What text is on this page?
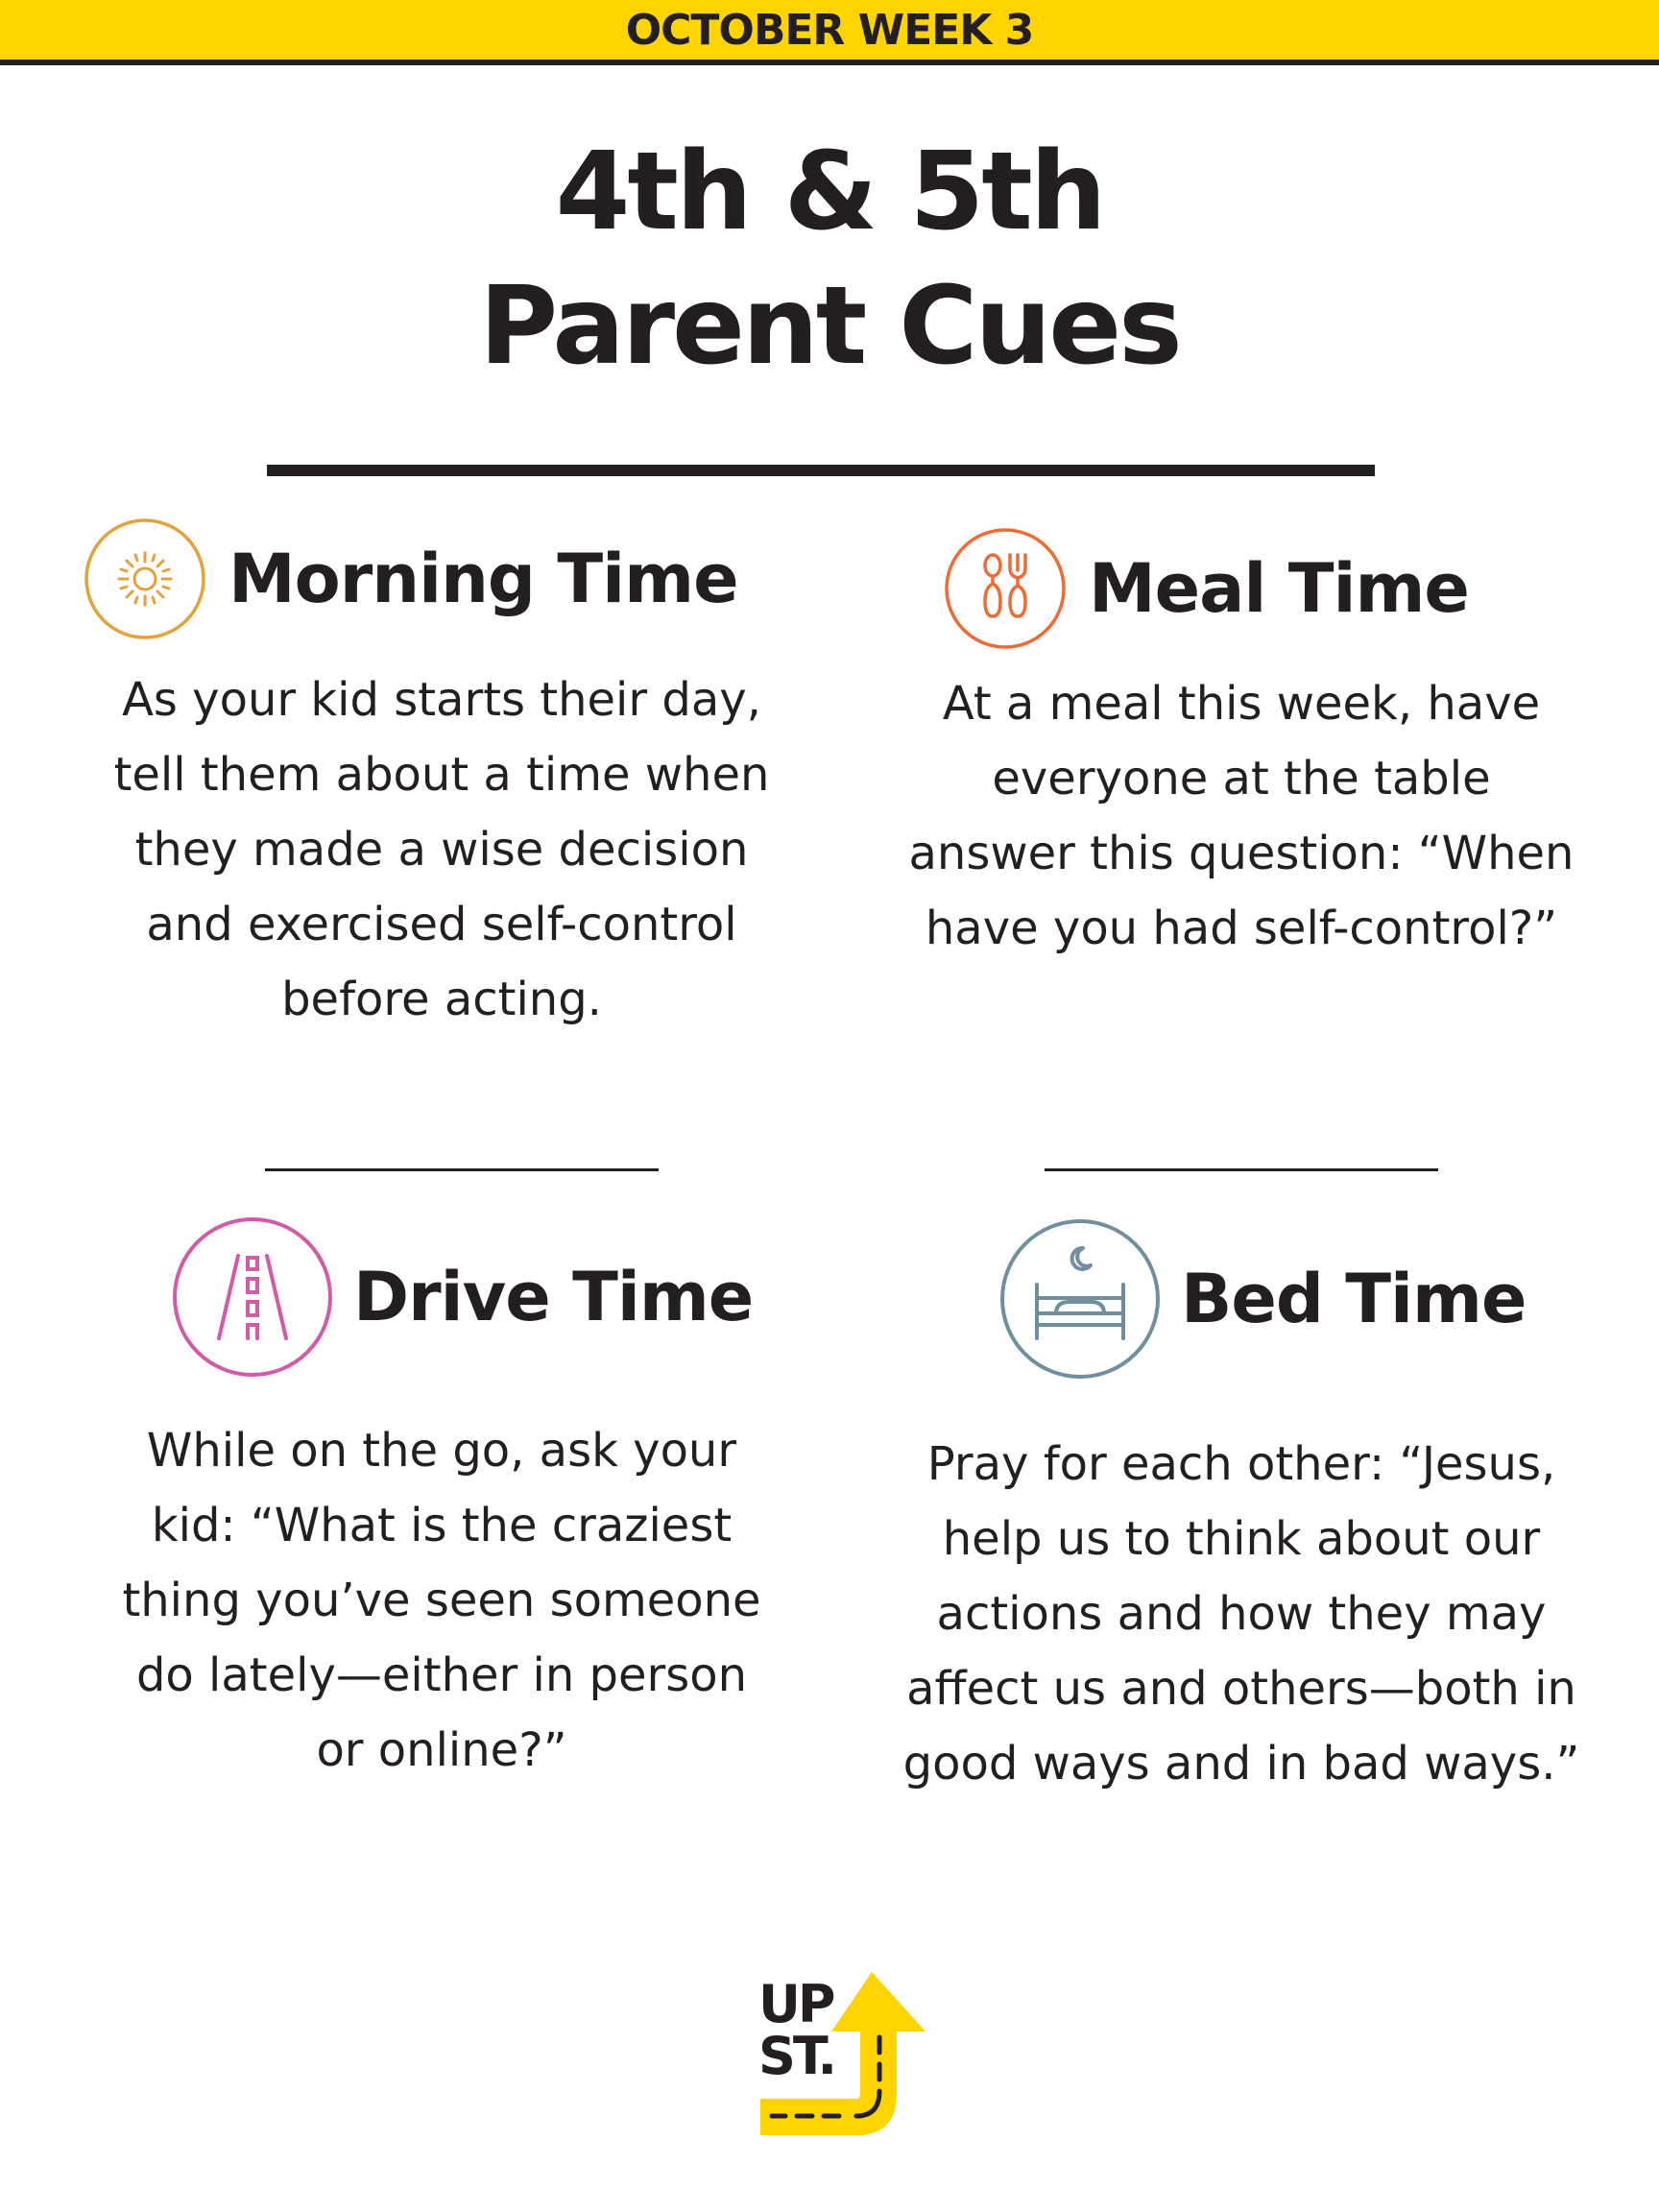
OCTOBER WEEK 3
4th & 5th
Parent Cues
Morning Time
As your kid starts their day,
tell them about a time when
they made a wise decision
and exercised self-control
before acting.
Meal Time
At a meal this week, have
everyone at the table
answer this question: “When
have you had self-control?”
Drive Time
While on the go, ask your
kid: “What is the craziest
thing you’ve seen someone
do lately—either in person
or online?”
Bed Time
Pray for each other: “Jesus,
help us to think about our
actions and how they may
affect us and others—both in
good ways and in bad ways.”
UP
ST.
